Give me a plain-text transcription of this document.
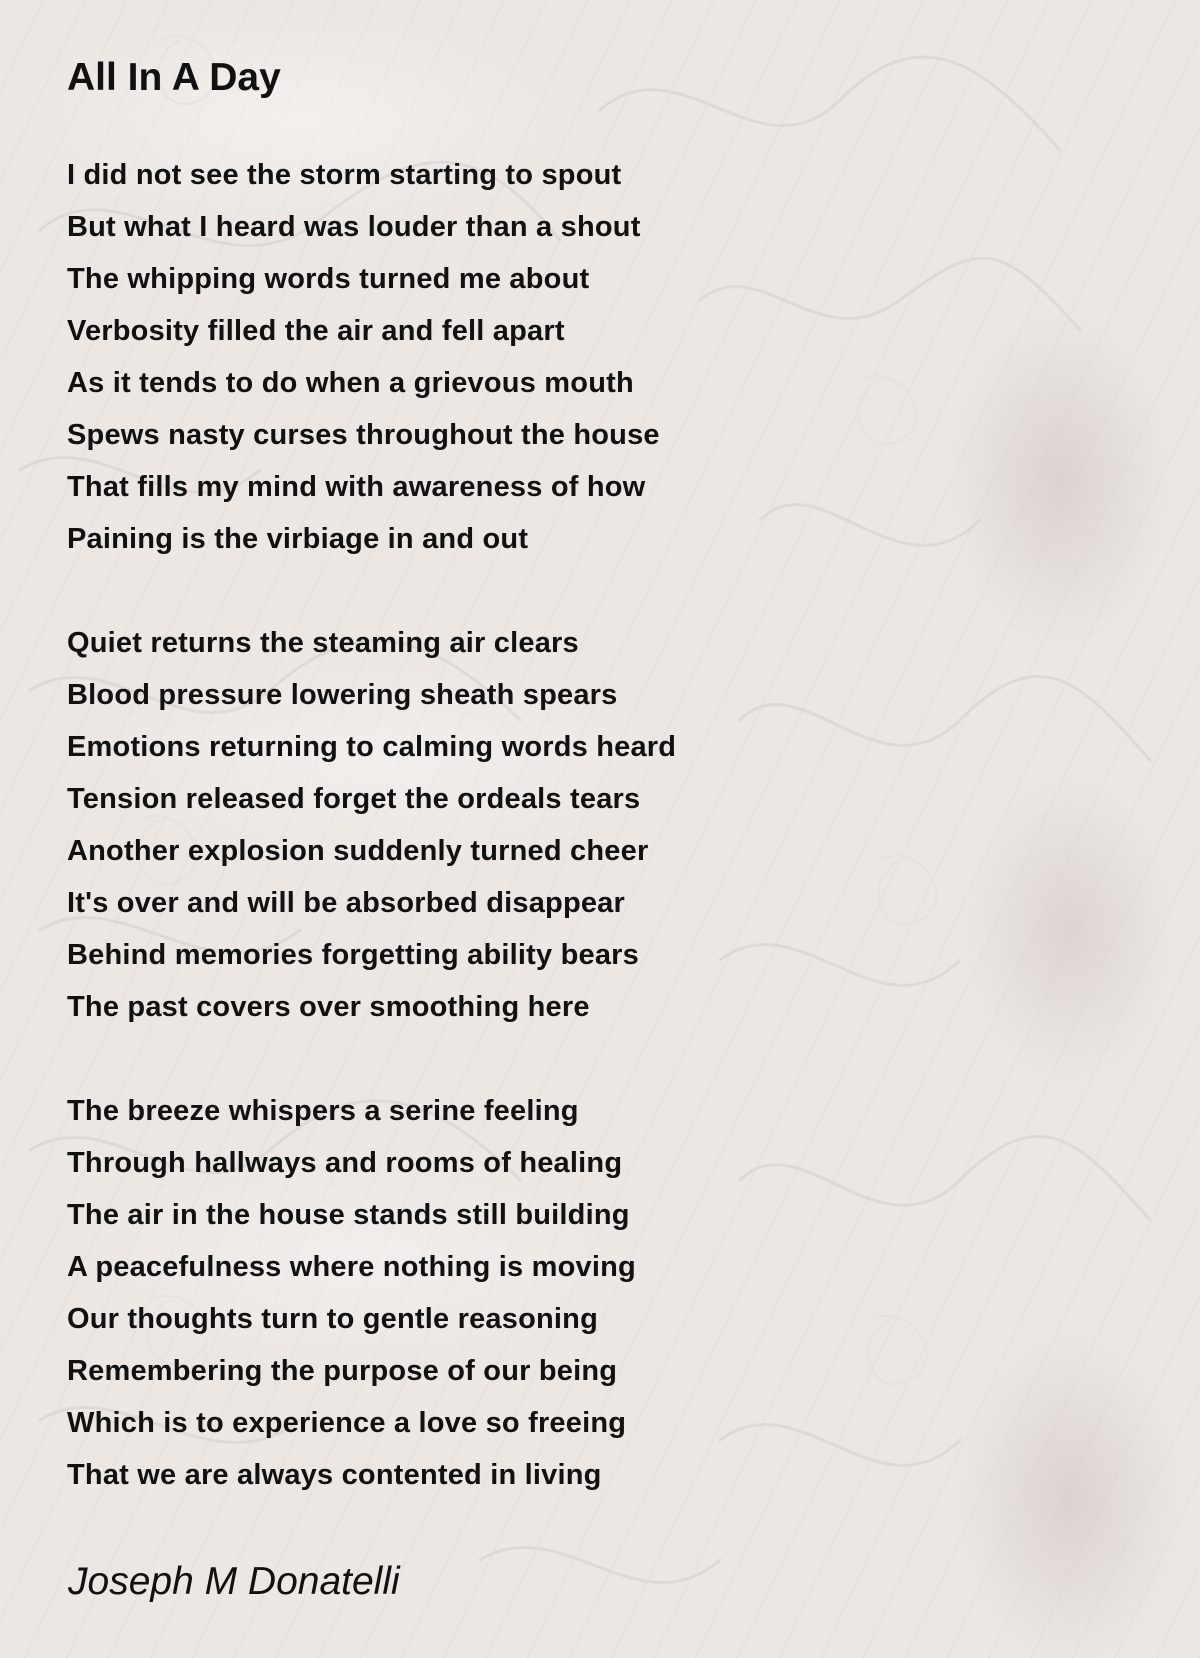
All In A Day
I did not see the storm starting to spout
But what I heard was louder than a shout
The whipping words turned me about
Verbosity filled the air and fell apart
As it tends to do when a grievous mouth
Spews nasty curses throughout the house
That fills my mind with awareness of how
Paining is the virbiage in and out
Quiet returns the steaming air clears
Blood pressure lowering sheath spears
Emotions returning to calming words heard
Tension released forget the ordeals tears
Another explosion suddenly turned cheer
It's over and will be absorbed disappear
Behind memories forgetting ability bears
The past covers over smoothing here
The breeze whispers a serine feeling
Through hallways and rooms of healing
The air in the house stands still building
A peacefulness where nothing is moving
Our thoughts turn to gentle reasoning
Remembering the purpose of our being
Which is to experience a love so freeing
That we are always contented in living
Joseph M Donatelli
